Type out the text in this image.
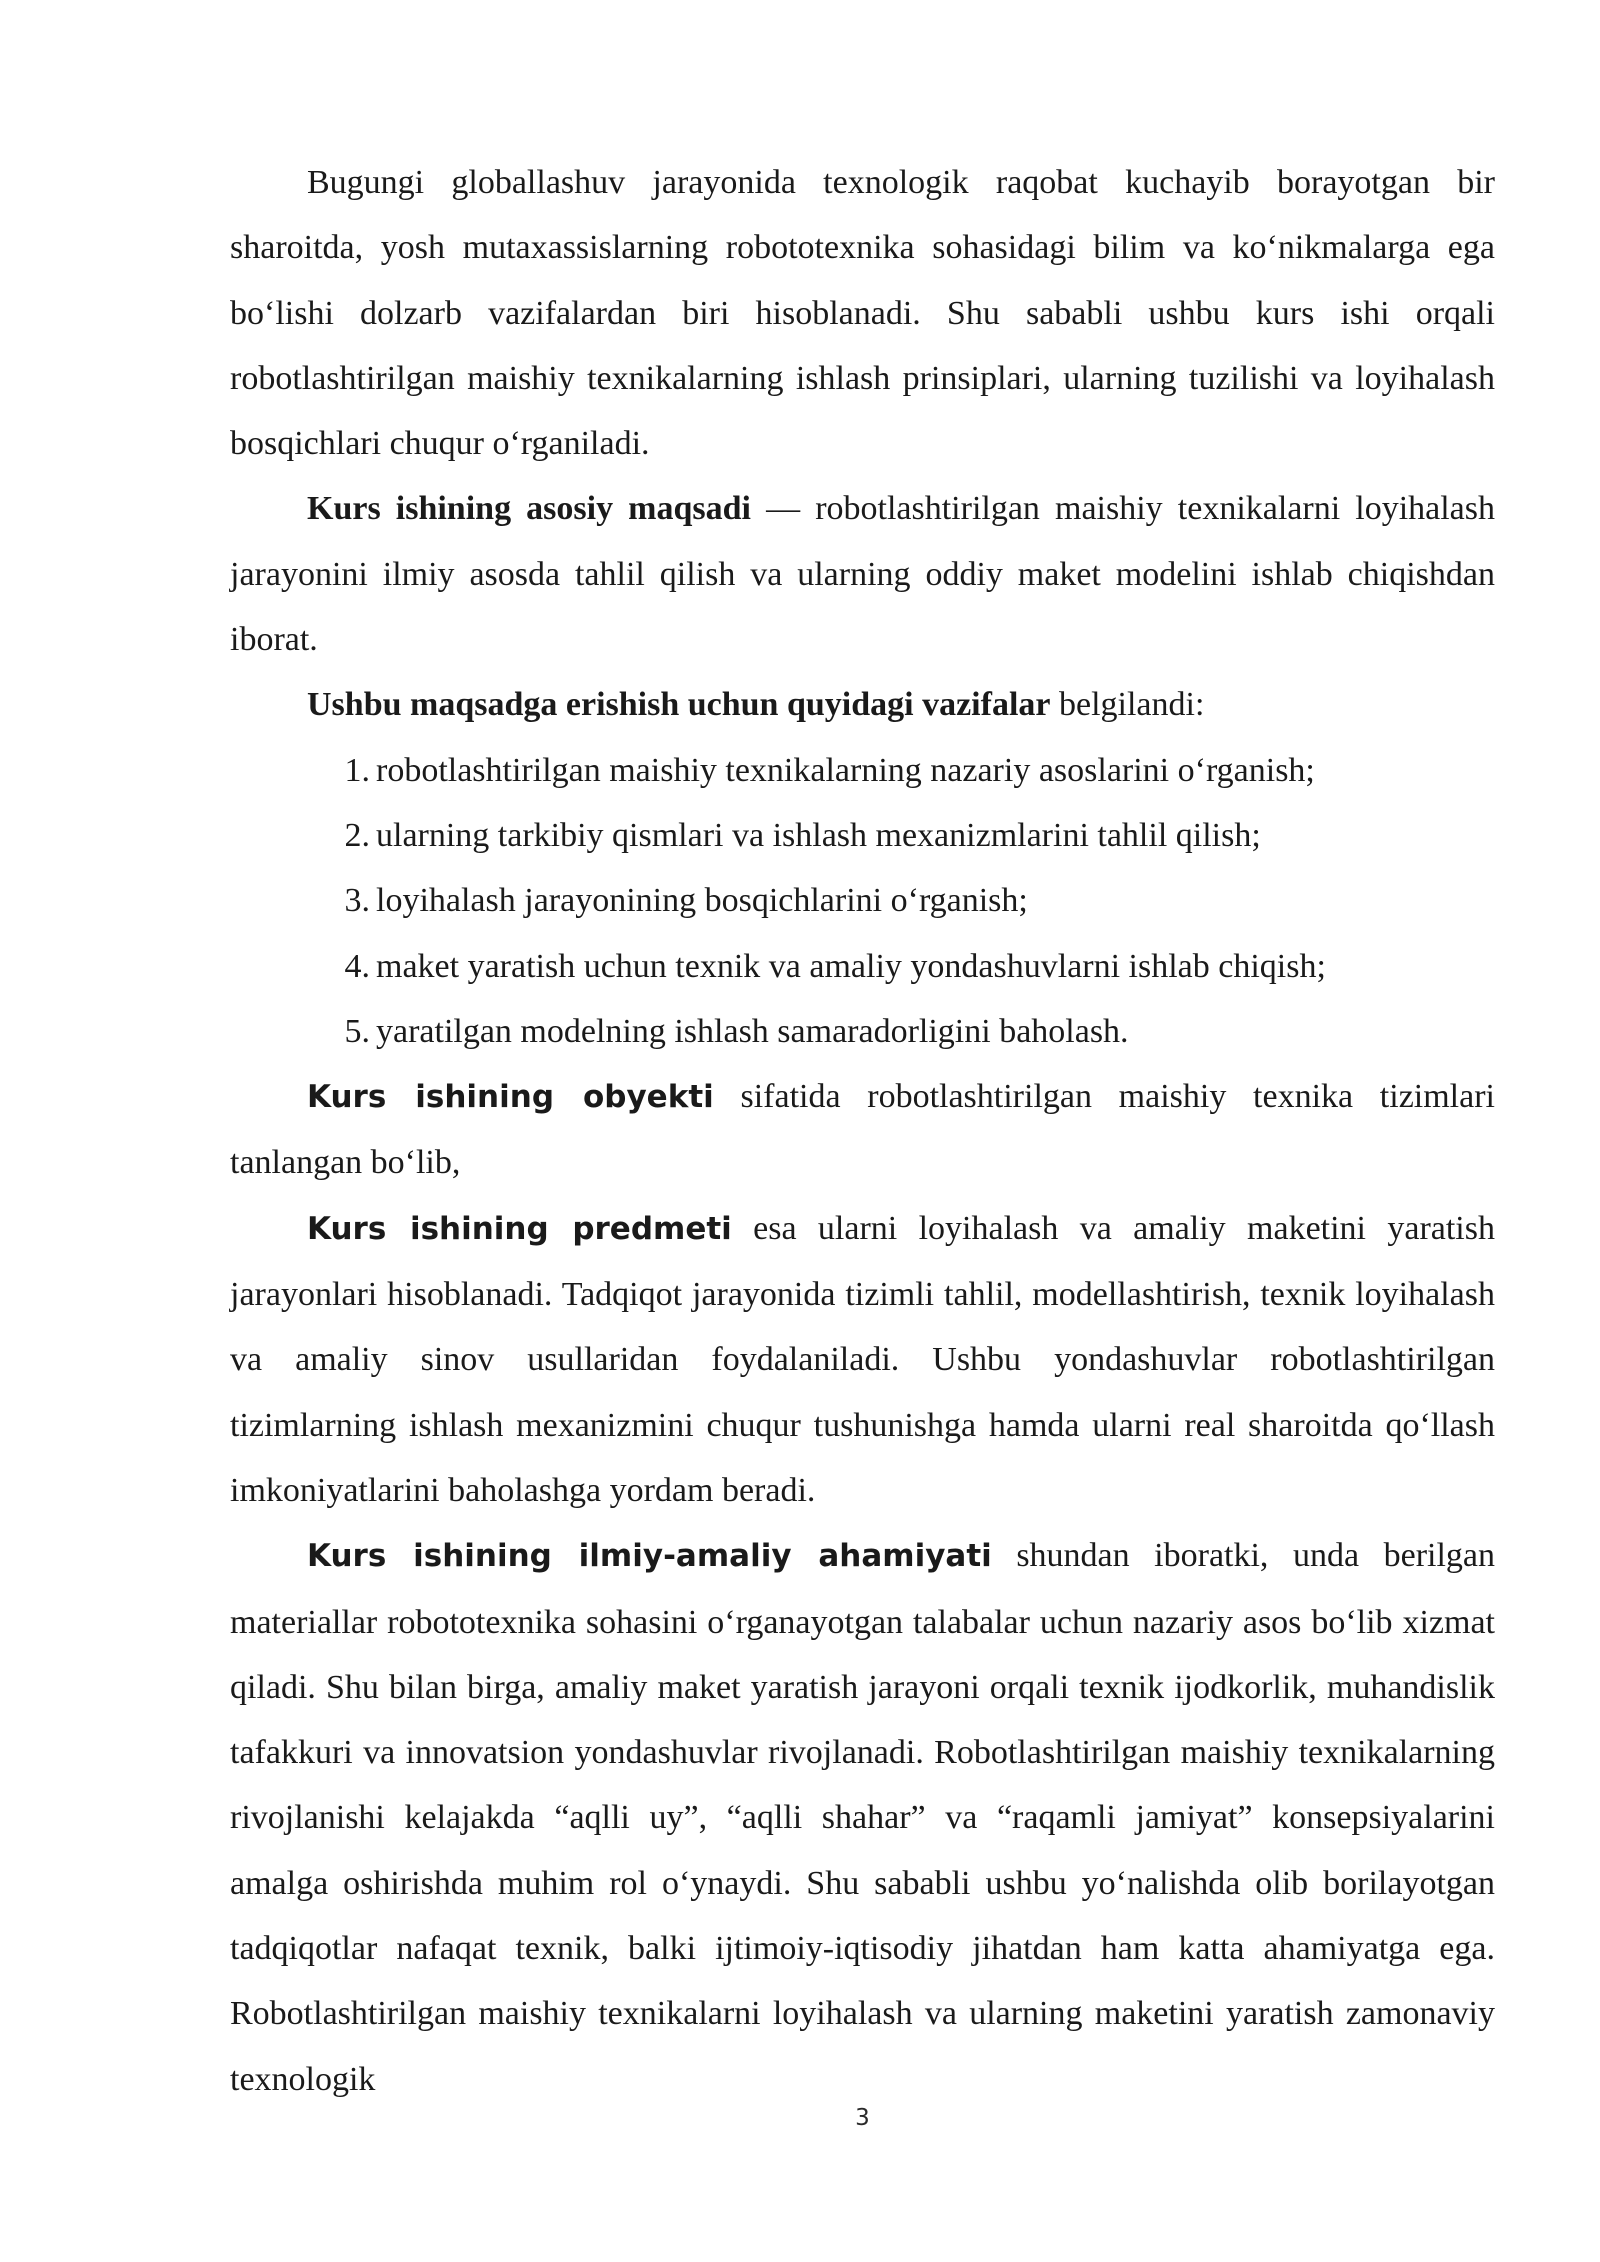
Bugungi globallashuv jarayonida texnologik raqobat kuchayib borayotgan bir sharoitda, yosh mutaxassislarning robototexnika sohasidagi bilim va ko‘nikmalarga ega bo‘lishi dolzarb vazifalardan biri hisoblanadi. Shu sababli ushbu kurs ishi orqali robotlashtirilgan maishiy texnikalarning ishlash prinsiplari, ularning tuzilishi va loyihalash bosqichlari chuqur o‘rganiladi.

Kurs ishining asosiy maqsadi — robotlashtirilgan maishiy texnikalarni loyihalash jarayonini ilmiy asosda tahlil qilish va ularning oddiy maket modelini ishlab chiqishdan iborat.

Ushbu maqsadga erishish uchun quyidagi vazifalar belgilandi:

1. robotlashtirilgan maishiy texnikalarning nazariy asoslarini o‘rganish;
2. ularning tarkibiy qismlari va ishlash mexanizmlarini tahlil qilish;
3. loyihalash jarayonining bosqichlarini o‘rganish;
4. maket yaratish uchun texnik va amaliy yondashuvlarni ishlab chiqish;
5. yaratilgan modelning ishlash samaradorligini baholash.

Kurs ishining obyekti sifatida robotlashtirilgan maishiy texnika tizimlari tanlangan bo‘lib,

Kurs ishining predmeti esa ularni loyihalash va amaliy maketini yaratish jarayonlari hisoblanadi. Tadqiqot jarayonida tizimli tahlil, modellashtirish, texnik loyihalash va amaliy sinov usullaridan foydalaniladi. Ushbu yondashuvlar robotlashtirilgan tizimlarning ishlash mexanizmini chuqur tushunishga hamda ularni real sharoitda qo‘llash imkoniyatlarini baholashga yordam beradi.

Kurs ishining ilmiy-amaliy ahamiyati shundan iboratki, unda berilgan materiallar robototexnika sohasini o‘rganayotgan talabalar uchun nazariy asos bo‘lib xizmat qiladi. Shu bilan birga, amaliy maket yaratish jarayoni orqali texnik ijodkorlik, muhandislik tafakkuri va innovatsion yondashuvlar rivojlanadi. Robotlashtirilgan maishiy texnikalarning rivojlanishi kelajakda “aqlli uy”, “aqlli shahar” va “raqamli jamiyat” konsepsiyalarini amalga oshirishda muhim rol o‘ynaydi. Shu sababli ushbu yo‘nalishda olib borilayotgan tadqiqotlar nafaqat texnik, balki ijtimoiy-iqtisodiy jihatdan ham katta ahamiyatga ega. Robotlashtirilgan maishiy texnikalarni loyihalash va ularning maketini yaratish zamonaviy texnologik

3
